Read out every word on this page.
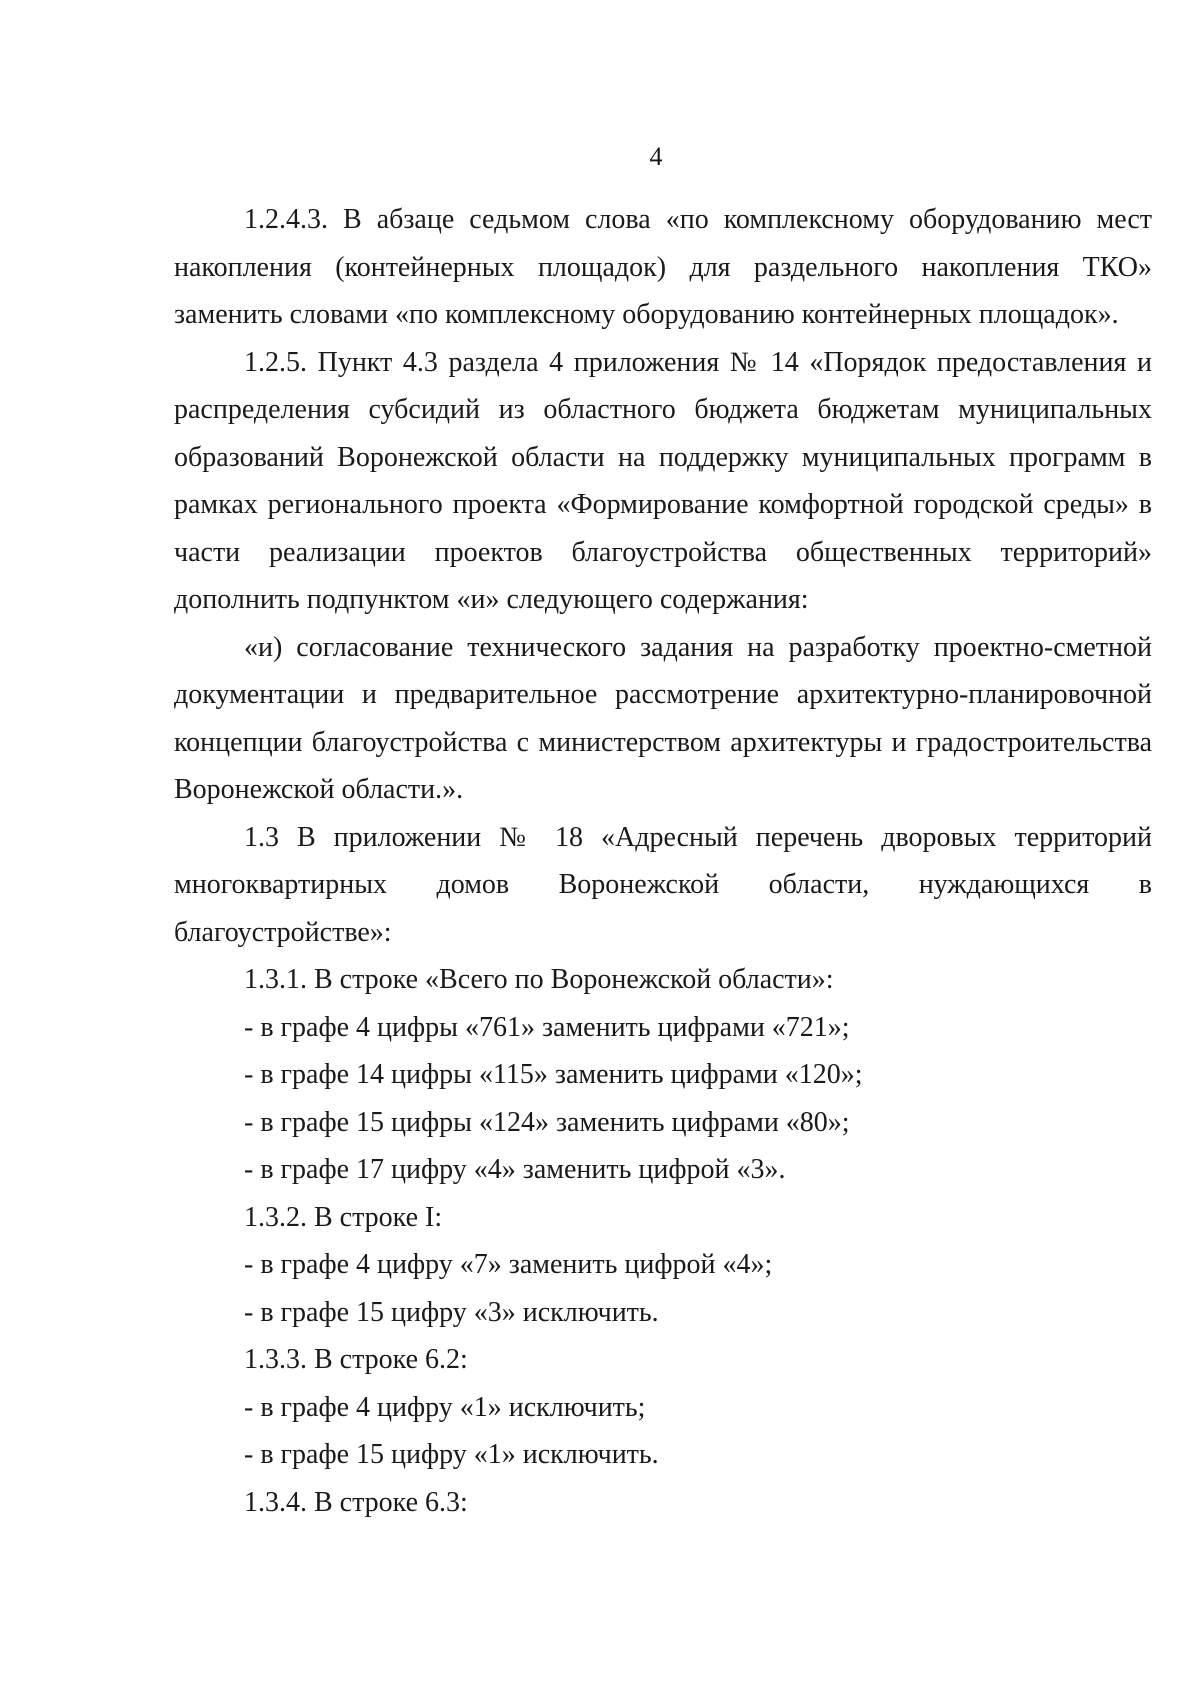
4

1.2.4.3. В абзаце седьмом слова «по комплексному оборудованию мест накопления (контейнерных площадок) для раздельного накопления ТКО» заменить словами «по комплексному оборудованию контейнерных площадок».

1.2.5. Пункт 4.3 раздела 4 приложения № 14 «Порядок предоставления и распределения субсидий из областного бюджета бюджетам муниципальных образований Воронежской области на поддержку муниципальных программ в рамках регионального проекта «Формирование комфортной городской среды» в части реализации проектов благоустройства общественных территорий» дополнить подпунктом «и» следующего содержания:

«и) согласование технического задания на разработку проектно-сметной документации и предварительное рассмотрение архитектурно-планировочной концепции благоустройства с министерством архитектуры и градостроительства Воронежской области.».

1.3 В приложении № 18 «Адресный перечень дворовых территорий многоквартирных домов Воронежской области, нуждающихся в благоустройстве»:

1.3.1. В строке «Всего по Воронежской области»:

- в графе 4 цифры «761» заменить цифрами «721»;

- в графе 14 цифры «115» заменить цифрами «120»;

- в графе 15 цифры «124» заменить цифрами «80»;

- в графе 17 цифру «4» заменить цифрой «3».

1.3.2. В строке I:

- в графе 4 цифру «7» заменить цифрой «4»;

- в графе 15 цифру «3» исключить.

1.3.3. В строке 6.2:

- в графе 4 цифру «1» исключить;

- в графе 15 цифру «1» исключить.

1.3.4. В строке 6.3:
